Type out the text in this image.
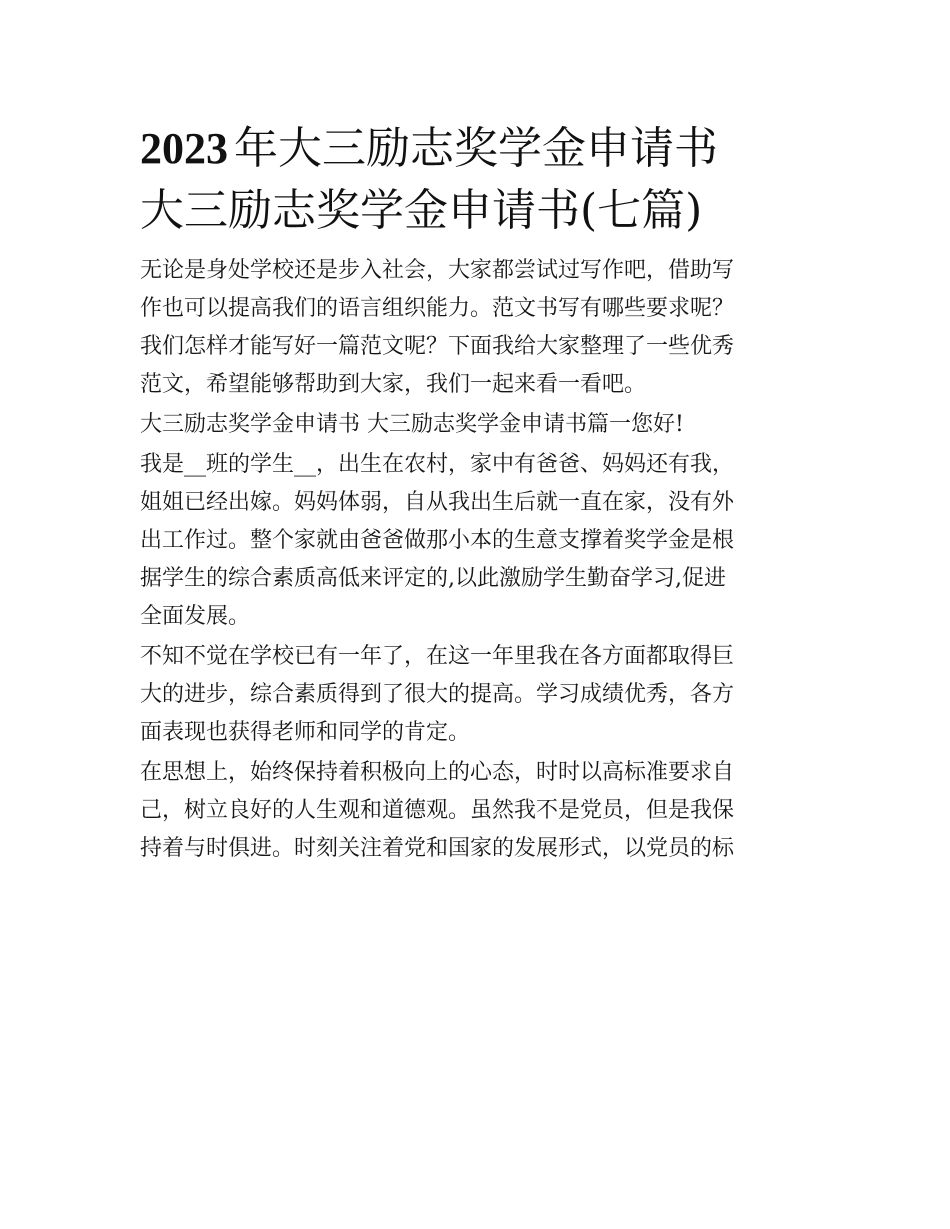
2023 年大三励志奖学金申请书
大三励志奖学金申请书(七篇)

无论是身处学校还是步入社会，大家都尝试过写作吧，借助写
作也可以提高我们的语言组织能力。范文书写有哪些要求呢？
我们怎样才能写好一篇范文呢？下面我给大家整理了一些优秀
范文，希望能够帮助到大家，我们一起来看一看吧。

大三励志奖学金申请书 大三励志奖学金申请书篇一您好!

我是__班的学生__，出生在农村，家中有爸爸、妈妈还有我，
姐姐已经出嫁。妈妈体弱，自从我出生后就一直在家，没有外
出工作过。整个家就由爸爸做那小本的生意支撑着奖学金是根
据学生的综合素质高低来评定的,以此激励学生勤奋学习,促进
全面发展。

不知不觉在学校已有一年了，在这一年里我在各方面都取得巨
大的进步，综合素质得到了很大的提高。学习成绩优秀，各方
面表现也获得老师和同学的肯定。

在思想上，始终保持着积极向上的心态，时时以高标准要求自
己，树立良好的人生观和道德观。虽然我不是党员，但是我保
持着与时俱进。时刻关注着党和国家的发展形式，以党员的标
